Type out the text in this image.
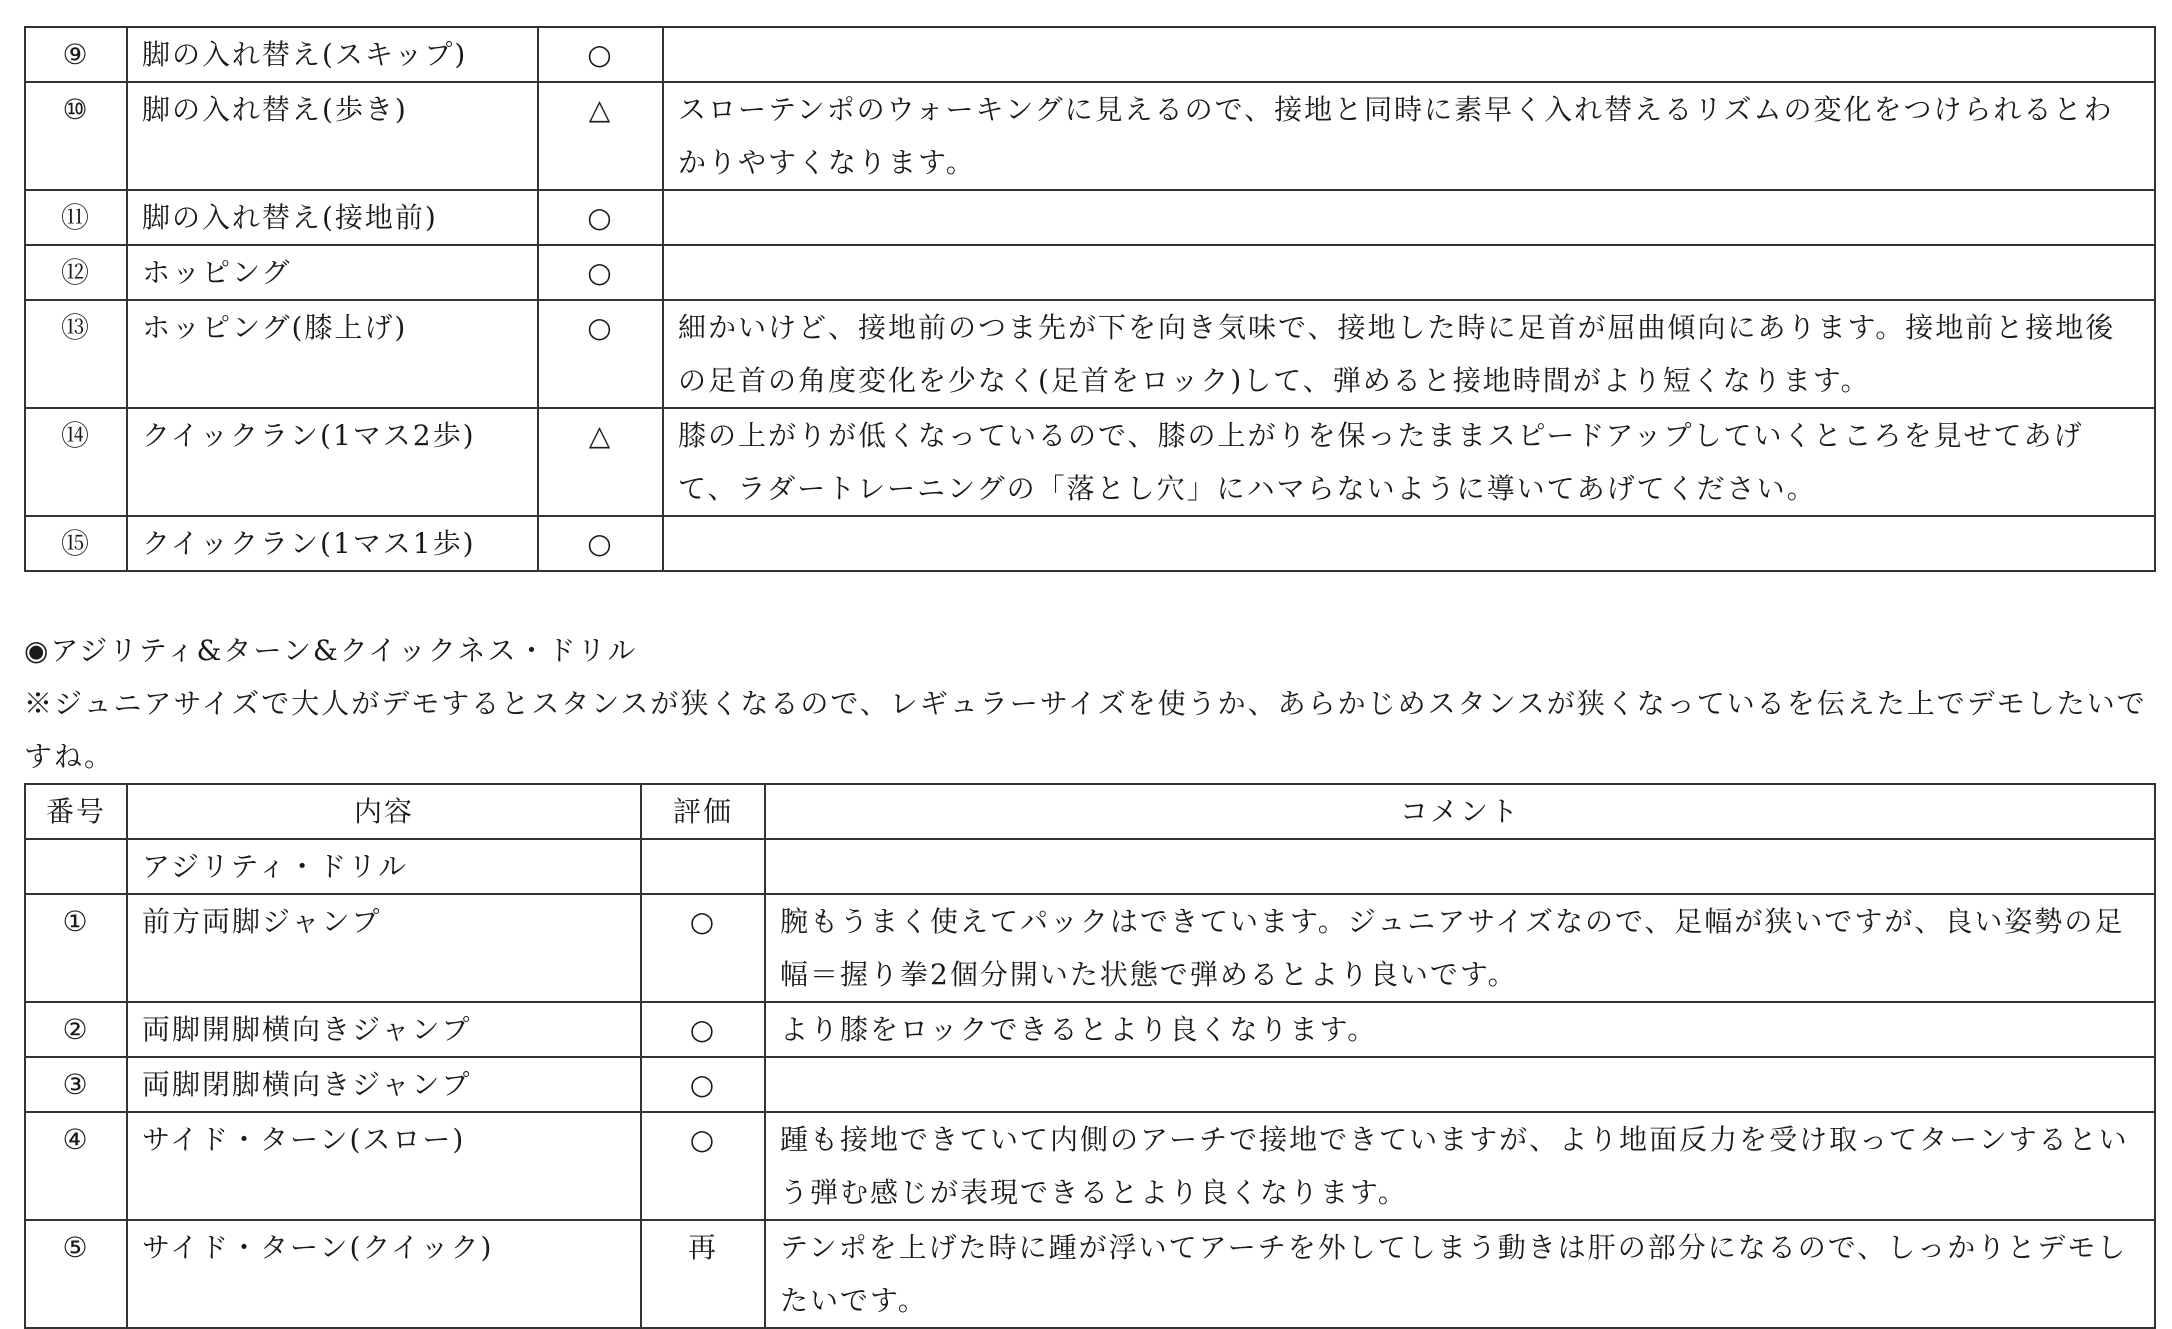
⑨	脚の入れ替え(スキップ)	○	
⑩	脚の入れ替え(歩き)	△	スローテンポのウォーキングに見えるので、接地と同時に素早く入れ替えるリズムの変化をつけられるとわかりやすくなります。
⑪	脚の入れ替え(接地前)	○	
⑫	ホッピング	○	
⑬	ホッピング(膝上げ)	○	細かいけど、接地前のつま先が下を向き気味で、接地した時に足首が屈曲傾向にあります。接地前と接地後の足首の角度変化を少なく(足首をロック)して、弾めると接地時間がより短くなります。
⑭	クイックラン(1マス2歩)	△	膝の上がりが低くなっているので、膝の上がりを保ったままスピードアップしていくところを見せてあげて、ラダートレーニングの「落とし穴」にハマらないように導いてあげてください。
⑮	クイックラン(1マス1歩)	○	
◉アジリティ&ターン&クイックネス・ドリル
※ジュニアサイズで大人がデモするとスタンスが狭くなるので、レギュラーサイズを使うか、あらかじめスタンスが狭くなっているを伝えた上でデモしたいですね。
番号	内容	評価	コメント
	アジリティ・ドリル		
①	前方両脚ジャンプ	○	腕もうまく使えてパックはできています。ジュニアサイズなので、足幅が狭いですが、良い姿勢の足幅＝握り拳2個分開いた状態で弾めるとより良いです。
②	両脚開脚横向きジャンプ	○	より膝をロックできるとより良くなります。
③	両脚閉脚横向きジャンプ	○	
④	サイド・ターン(スロー)	○	踵も接地できていて内側のアーチで接地できていますが、より地面反力を受け取ってターンするという弾む感じが表現できるとより良くなります。
⑤	サイド・ターン(クイック)	再	テンポを上げた時に踵が浮いてアーチを外してしまう動きは肝の部分になるので、しっかりとデモしたいです。
